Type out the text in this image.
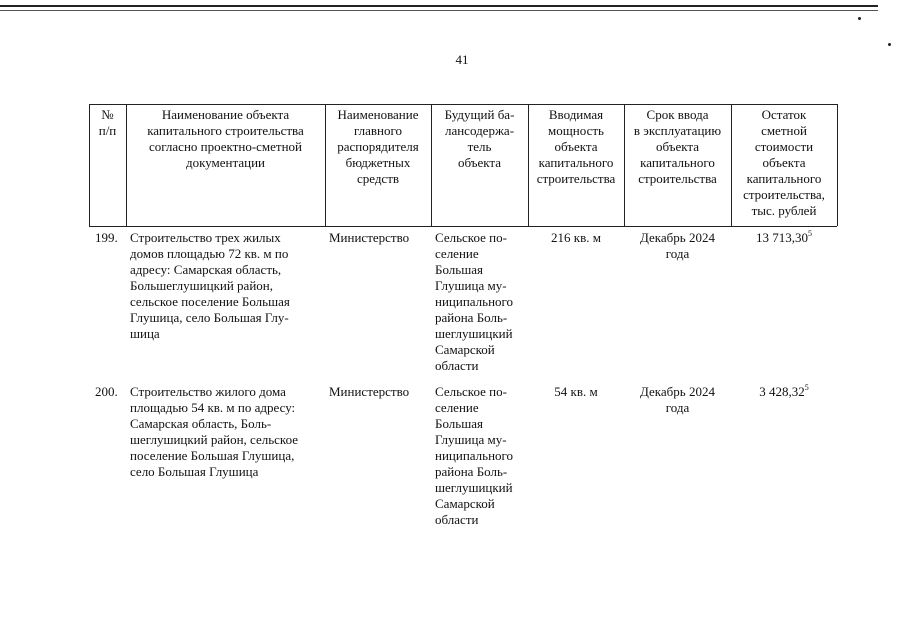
41
№
п/п
Наименование объекта
капитального строительства
согласно проектно-сметной
документации
Наименование
главного
распорядителя
бюджетных
средств
Будущий ба-
лансодержа-
тель
объекта
Вводимая
мощность
объекта
капитального
строительства
Срок ввода
в эксплуатацию
объекта
капитального
строительства
Остаток
сметной
стоимости
объекта
капитального
строительства,
тыс. рублей
199. Строительство трех жилых
домов площадью 72 кв. м по
адресу: Самарская область,
Большеглушицкий район,
сельское поселение Большая
Глушица, село Большая Глу-
шица
Министерство Сельское по-
селение
Большая
Глушица му-
ниципального
района Боль-
шеглушицкий
Самарской
области
216 кв. м	Декабрь 2024
года
13 713,30$^5$
200. Строительство жилого дома
площадью 54 кв. м по адресу:
Самарская область, Боль-
шеглушицкий район, сельское
поселение Большая Глушица,
село Большая Глушица
Министерство Сельское по-
селение
Большая
Глушица му-
ниципального
района Боль-
шеглушицкий
Самарской
области
54 кв. м	Декабрь 2024
года
3 428,32$^5$
